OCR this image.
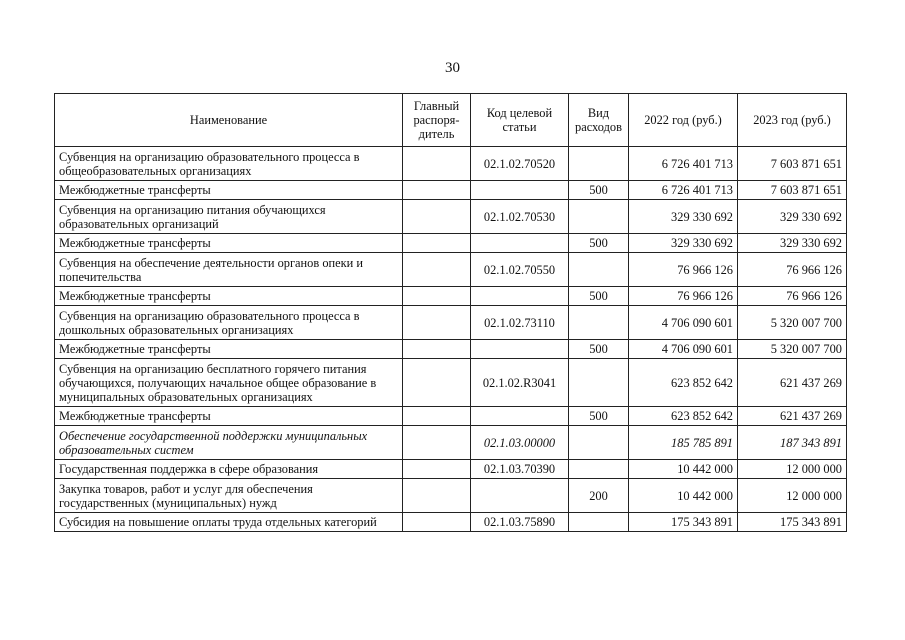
30
Наименование	Главный распоря-дитель	Код целевой статьи	Вид расходов	2022 год (руб.)	2023 год (руб.)
Субвенция на организацию образовательного процесса в общеобразовательных организациях		02.1.02.70520		6 726 401 713	7 603 871 651
Межбюджетные трансферты			500	6 726 401 713	7 603 871 651
Субвенция на организацию питания обучающихся образовательных организаций		02.1.02.70530		329 330 692	329 330 692
Межбюджетные трансферты			500	329 330 692	329 330 692
Субвенция на обеспечение деятельности органов опеки и попечительства		02.1.02.70550		76 966 126	76 966 126
Межбюджетные трансферты			500	76 966 126	76 966 126
Субвенция на организацию образовательного процесса в дошкольных образовательных организациях		02.1.02.73110		4 706 090 601	5 320 007 700
Межбюджетные трансферты			500	4 706 090 601	5 320 007 700
Субвенция на организацию бесплатного горячего питания обучающихся, получающих начальное общее образование в муниципальных образовательных организациях		02.1.02.R3041		623 852 642	621 437 269
Межбюджетные трансферты			500	623 852 642	621 437 269
Обеспечение государственной поддержки муниципальных образовательных систем		02.1.03.00000		185 785 891	187 343 891
Государственная поддержка в сфере образования		02.1.03.70390		10 442 000	12 000 000
Закупка товаров, работ и услуг для обеспечения государственных (муниципальных) нужд			200	10 442 000	12 000 000
Субсидия на повышение оплаты труда отдельных категорий		02.1.03.75890		175 343 891	175 343 891
